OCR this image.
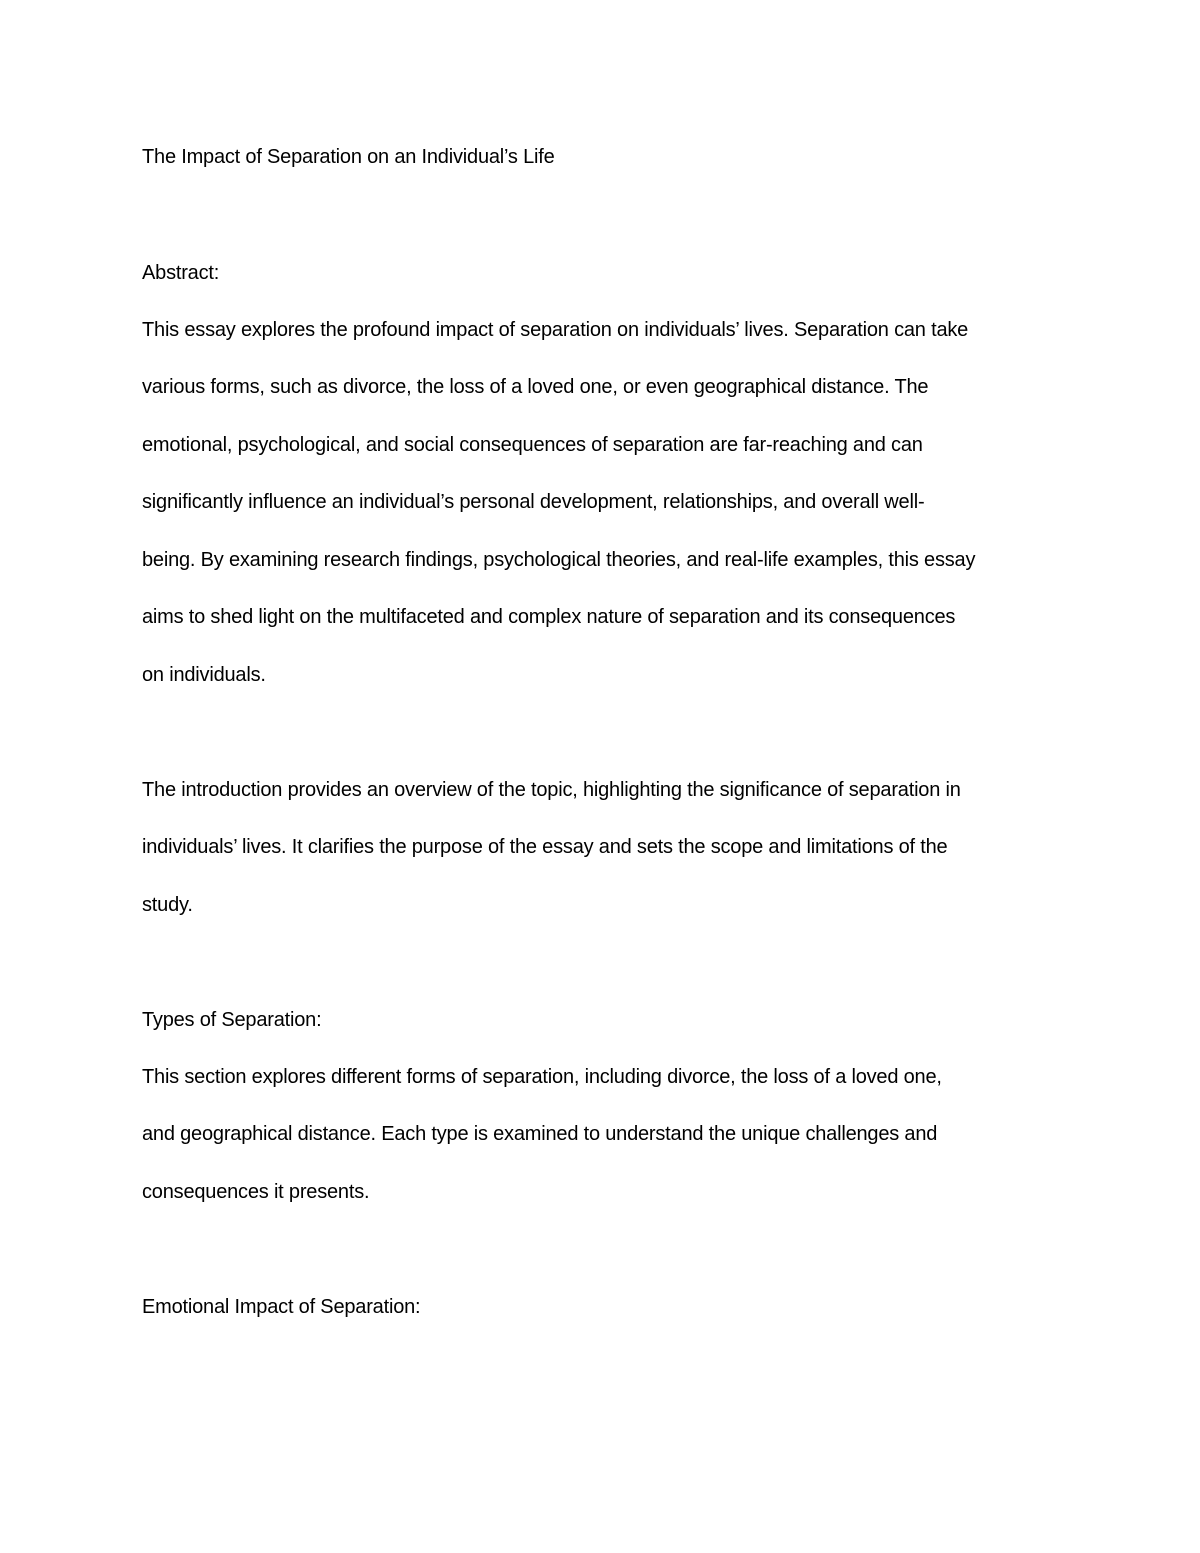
The Impact of Separation on an Individual’s Life
Abstract:
This essay explores the profound impact of separation on individuals’ lives. Separation can take
various forms, such as divorce, the loss of a loved one, or even geographical distance. The
emotional, psychological, and social consequences of separation are far-reaching and can
significantly influence an individual’s personal development, relationships, and overall well-
being. By examining research findings, psychological theories, and real-life examples, this essay
aims to shed light on the multifaceted and complex nature of separation and its consequences
on individuals.
The introduction provides an overview of the topic, highlighting the significance of separation in
individuals’ lives. It clarifies the purpose of the essay and sets the scope and limitations of the
study.
Types of Separation:
This section explores different forms of separation, including divorce, the loss of a loved one,
and geographical distance. Each type is examined to understand the unique challenges and
consequences it presents.
Emotional Impact of Separation:
